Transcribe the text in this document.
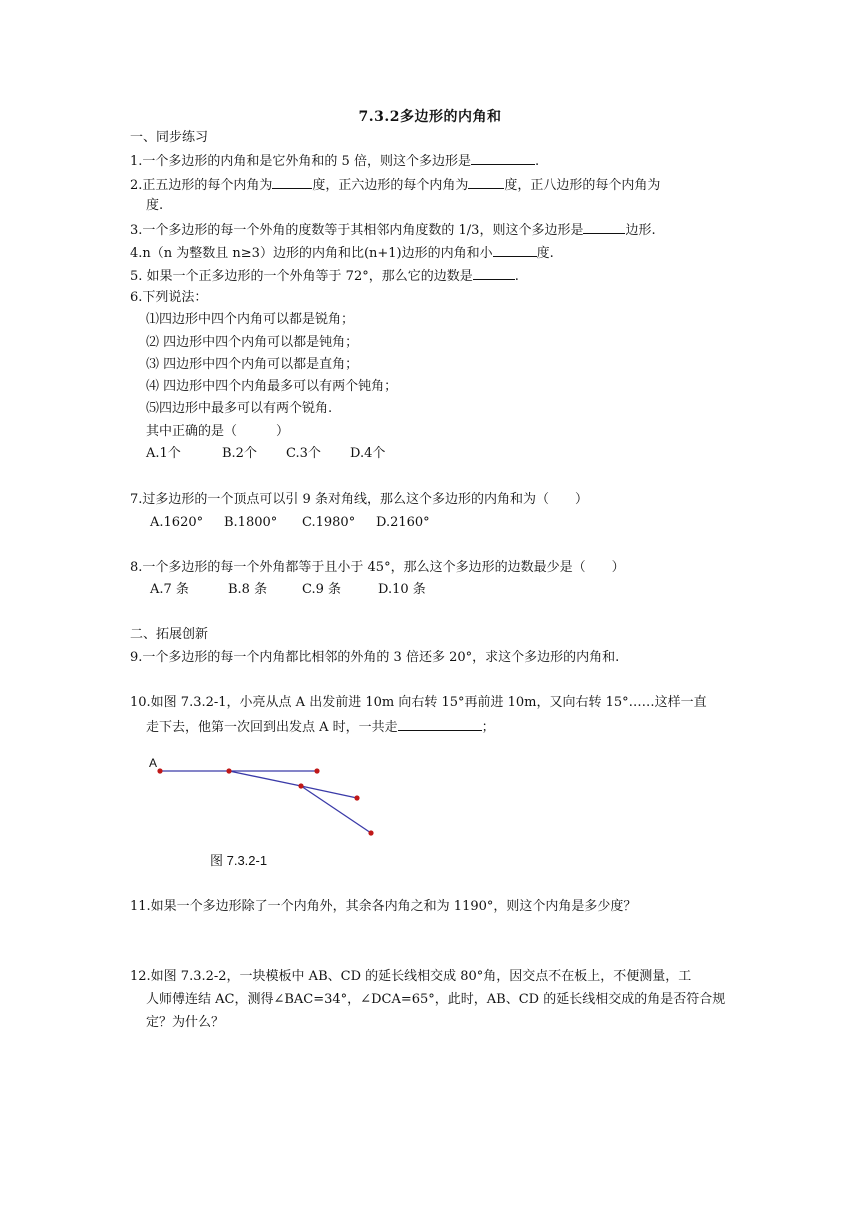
7.3.2多边形的内角和
一、同步练习
1.一个多边形的内角和是它外角和的 5 倍，则这个多边形是	.
2.正五边形的每个内角为	度，正六边形的每个内角为	度，正八边形的每个内角为
度.
3.一个多边形的每一个外角的度数等于其相邻内角度数的 1/3，则这个多边形是	边形.
4.n（n 为整数且 n≥3）边形的内角和比(n+1)边形的内角和小	度.
5. 如果一个正多边形的一个外角等于 72°，那么它的边数是	.
6.下列说法：
⑴四边形中四个内角可以都是锐角；
⑵ 四边形中四个内角可以都是钝角；
⑶ 四边形中四个内角可以都是直角；
⑷ 四边形中四个内角最多可以有两个钝角；
⑸四边形中最多可以有两个锐角.
其中正确的是（　　　）
A.1个	B.2个 C.3个 D.4个
7.过多边形的一个顶点可以引 9 条对角线，那么这个多边形的内角和为（　　）
A.1620° B.1800° C.1980° D.2160°
8.一个多边形的每一个外角都等于且小于 45°，那么这个多边形的边数最少是（　　）
A.7 条	B.8 条	C.9 条	D.10 条
二、拓展创新
9.一个多边形的每一个内角都比相邻的外角的 3 倍还多 20°，求这个多边形的内角和.
10.如图 7.3.2-1，小亮从点 A 出发前进 10m 向右转 15°再前进 10m，又向右转 15°……这样一直
走下去，他第一次回到出发点 A 时，一共走	；
A
图 7.3.2-1
11.如果一个多边形除了一个内角外，其余各内角之和为 1190°，则这个内角是多少度？
12.如图 7.3.2-2，一块模板中 AB、CD 的延长线相交成 80°角，因交点不在板上，不便测量，工
人师傅连结 AC，测得∠BAC=34°，∠DCA=65°，此时，AB、CD 的延长线相交成的角是否符合规
定？为什么？
